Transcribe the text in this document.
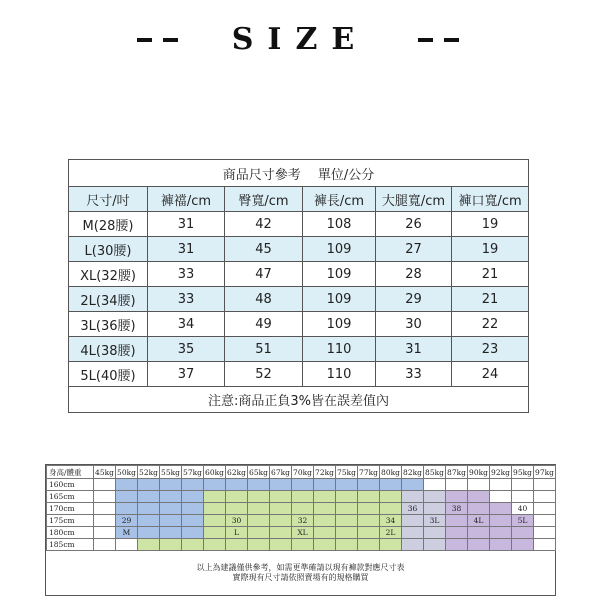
SIZE
商品尺寸參考　 單位/公分					
尺寸/吋	褲襠/cm	臀寬/cm	褲長/cm	大腿寬/cm	褲口寬/cm
M(28腰)	31	42	108	26	19
L(30腰)	31	45	109	27	19
XL(32腰)	33	47	109	28	21
2L(34腰)	33	48	109	29	21
3L(36腰)	34	49	109	30	22
4L(38腰)	35	51	110	31	23
5L(40腰)	37	52	110	33	24
注意:商品正負3%皆在誤差值內					
身高/體重	45kg	50kg	52kg	55kg	57kg	60kg	62kg	65kg	67kg	70kg	72kg	75kg	77kg	80kg	82kg	85kg	87kg	90kg	92kg	95kg	97kg
160cm																					
165cm																					
170cm															36		38			40	
175cm		29					30			32				34		3L		4L		5L	
180cm		M					L			XL				2L							
185cm																					
以上為建議僅供參考，如需更準確請以現有褲款對應尺寸表
實際現有尺寸請依照賣場有的規格購買
